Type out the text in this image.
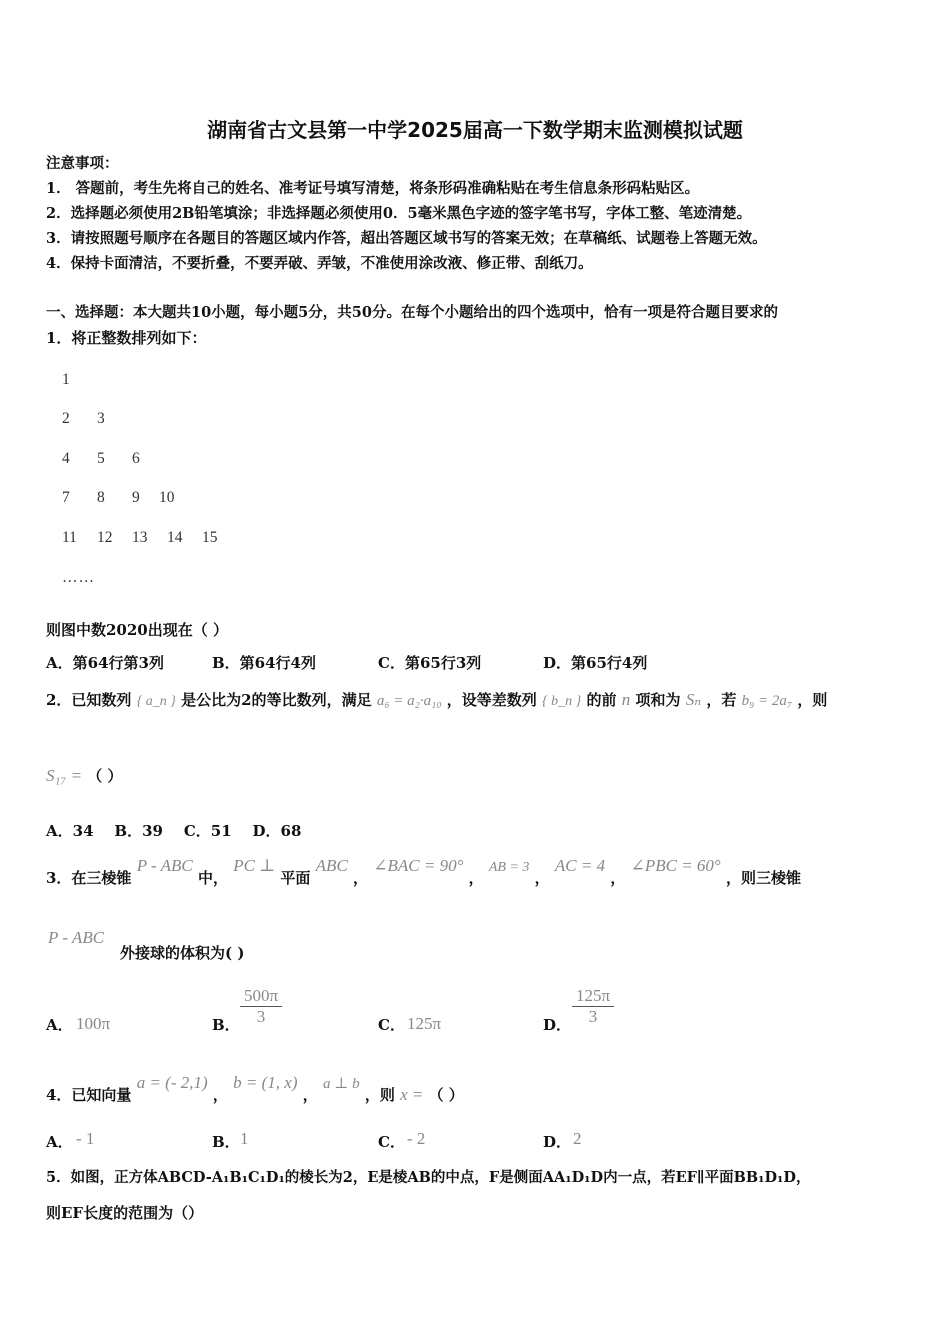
湖南省古文县第一中学2025届高一下数学期末监测模拟试题
注意事项：
1． 答题前，考生先将自己的姓名、准考证号填写清楚，将条形码准确粘贴在考生信息条形码粘贴区。
2．选择题必须使用2B铅笔填涂；非选择题必须使用0．5毫米黑色字迹的签字笔书写，字体工整、笔迹清楚。
3．请按照题号顺序在各题目的答题区域内作答，超出答题区域书写的答案无效；在草稿纸、试题卷上答题无效。
4．保持卡面清洁，不要折叠，不要弄破、弄皱，不准使用涂改液、修正带、刮纸刀。
一、选择题：本大题共10小题，每小题5分，共50分。在每个小题给出的四个选项中，恰有一项是符合题目要求的
1．将正整数排列如下：
1
2 3
4 5 6
7 8 9 10
11 12 13 14 15
……
则图中数2020出现在（ ）
A．第64行第3列	B．第64行4列	C．第65行3列	D．第65行4列
2．已知数列 { a_n } 是公比为2的等比数列，满足 a₆ = a₂·a₁₀ ，设等差数列 { b_n } 的前 n 项和为 Sₙ ，若 b₉ = 2a₇ ，则
S₁₇ = （ ）
A．34    B．39    C．51    D．68
3．在三棱锥 P - ABC 中， PC ⊥ 平面 ABC ， ∠BAC = 90° ， AB = 3 ， AC = 4 ， ∠PBC = 60° ，则三棱锥
P - ABC
外接球的体积为( )
A． 100π	B． $\frac{500\pi}{3}$	C． 125π	D． $\frac{125\pi}{3}$
4．已知向量 a = (- 2,1) ， b = (1, x) ， a ⊥ b ，则 x = （ ）
A． - 1	B． 1	C． - 2	D． 2
5．如图，正方体ABCD-A₁B₁C₁D₁的棱长为2，E是棱AB的中点，F是侧面AA₁D₁D内一点，若EF∥平面BB₁D₁D，
则EF长度的范围为（）
